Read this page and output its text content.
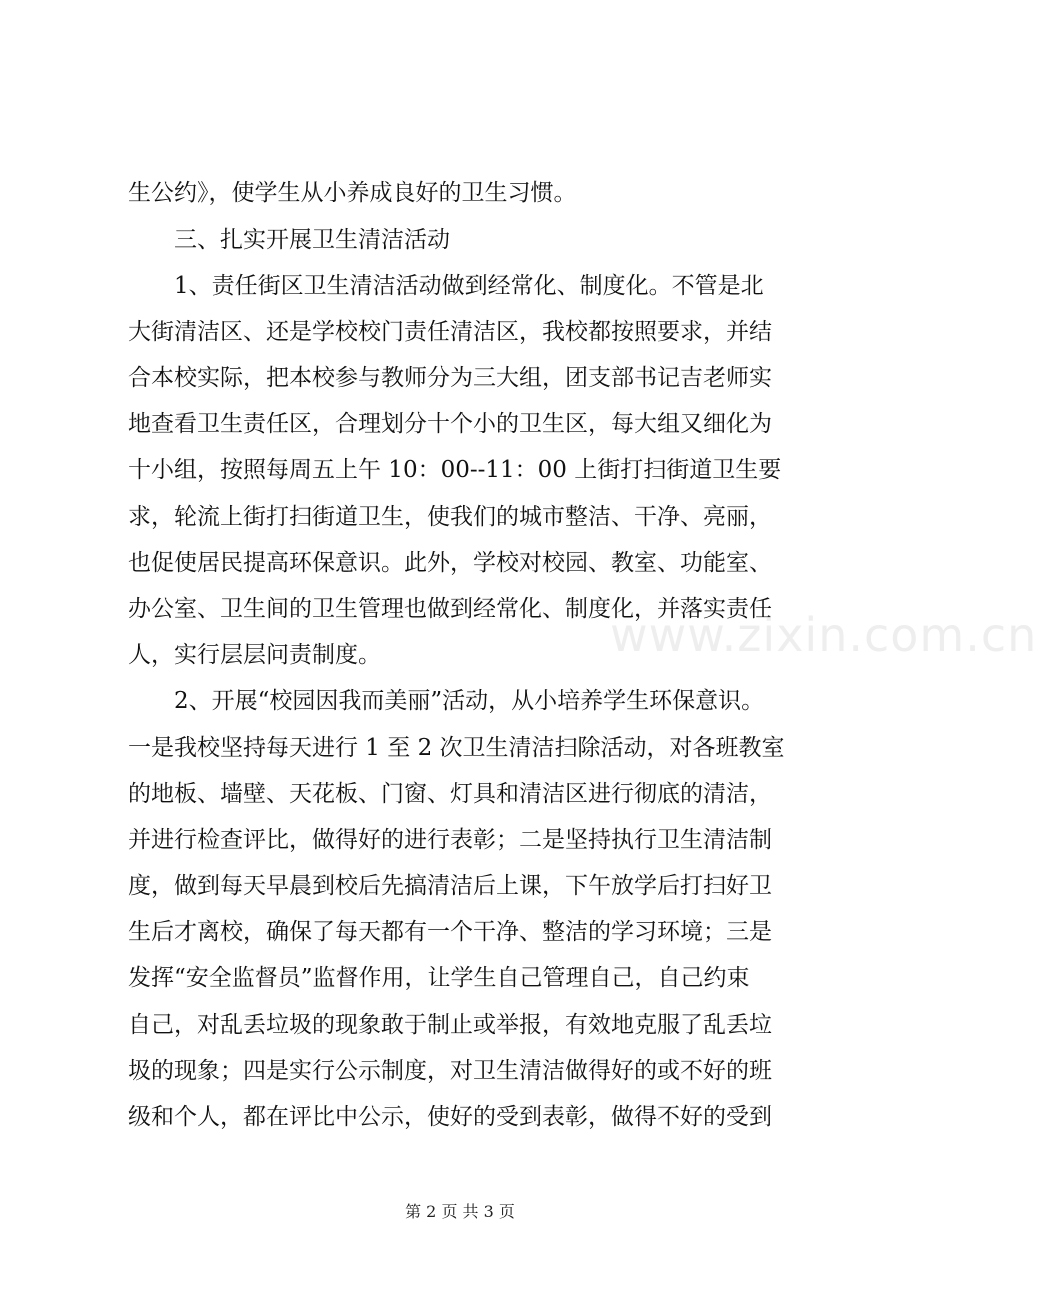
生公约》，使学生从小养成良好的卫生习惯。
三、扎实开展卫生清洁活动
1、责任街区卫生清洁活动做到经常化、制度化。不管是北
大街清洁区、还是学校校门责任清洁区，我校都按照要求，并结
合本校实际，把本校参与教师分为三大组，团支部书记吉老师实
地查看卫生责任区，合理划分十个小的卫生区，每大组又细化为
十小组，按照每周五上午 10：00--11：00 上街打扫街道卫生要
求，轮流上街打扫街道卫生，使我们的城市整洁、干净、亮丽，
也促使居民提高环保意识。此外，学校对校园、教室、功能室、
办公室、卫生间的卫生管理也做到经常化、制度化，并落实责任
人，实行层层问责制度。
2、开展“校园因我而美丽”活动，从小培养学生环保意识。
一是我校坚持每天进行 1 至 2 次卫生清洁扫除活动，对各班教室
的地板、墙壁、天花板、门窗、灯具和清洁区进行彻底的清洁，
并进行检查评比，做得好的进行表彰；二是坚持执行卫生清洁制
度，做到每天早晨到校后先搞清洁后上课，下午放学后打扫好卫
生后才离校，确保了每天都有一个干净、整洁的学习环境；三是
发挥“安全监督员”监督作用，让学生自己管理自己，自己约束
自己，对乱丢垃圾的现象敢于制止或举报，有效地克服了乱丢垃
圾的现象；四是实行公示制度，对卫生清洁做得好的或不好的班
级和个人，都在评比中公示，使好的受到表彰，做得不好的受到
www.zixin.com.cn
第 2 页 共 3 页
